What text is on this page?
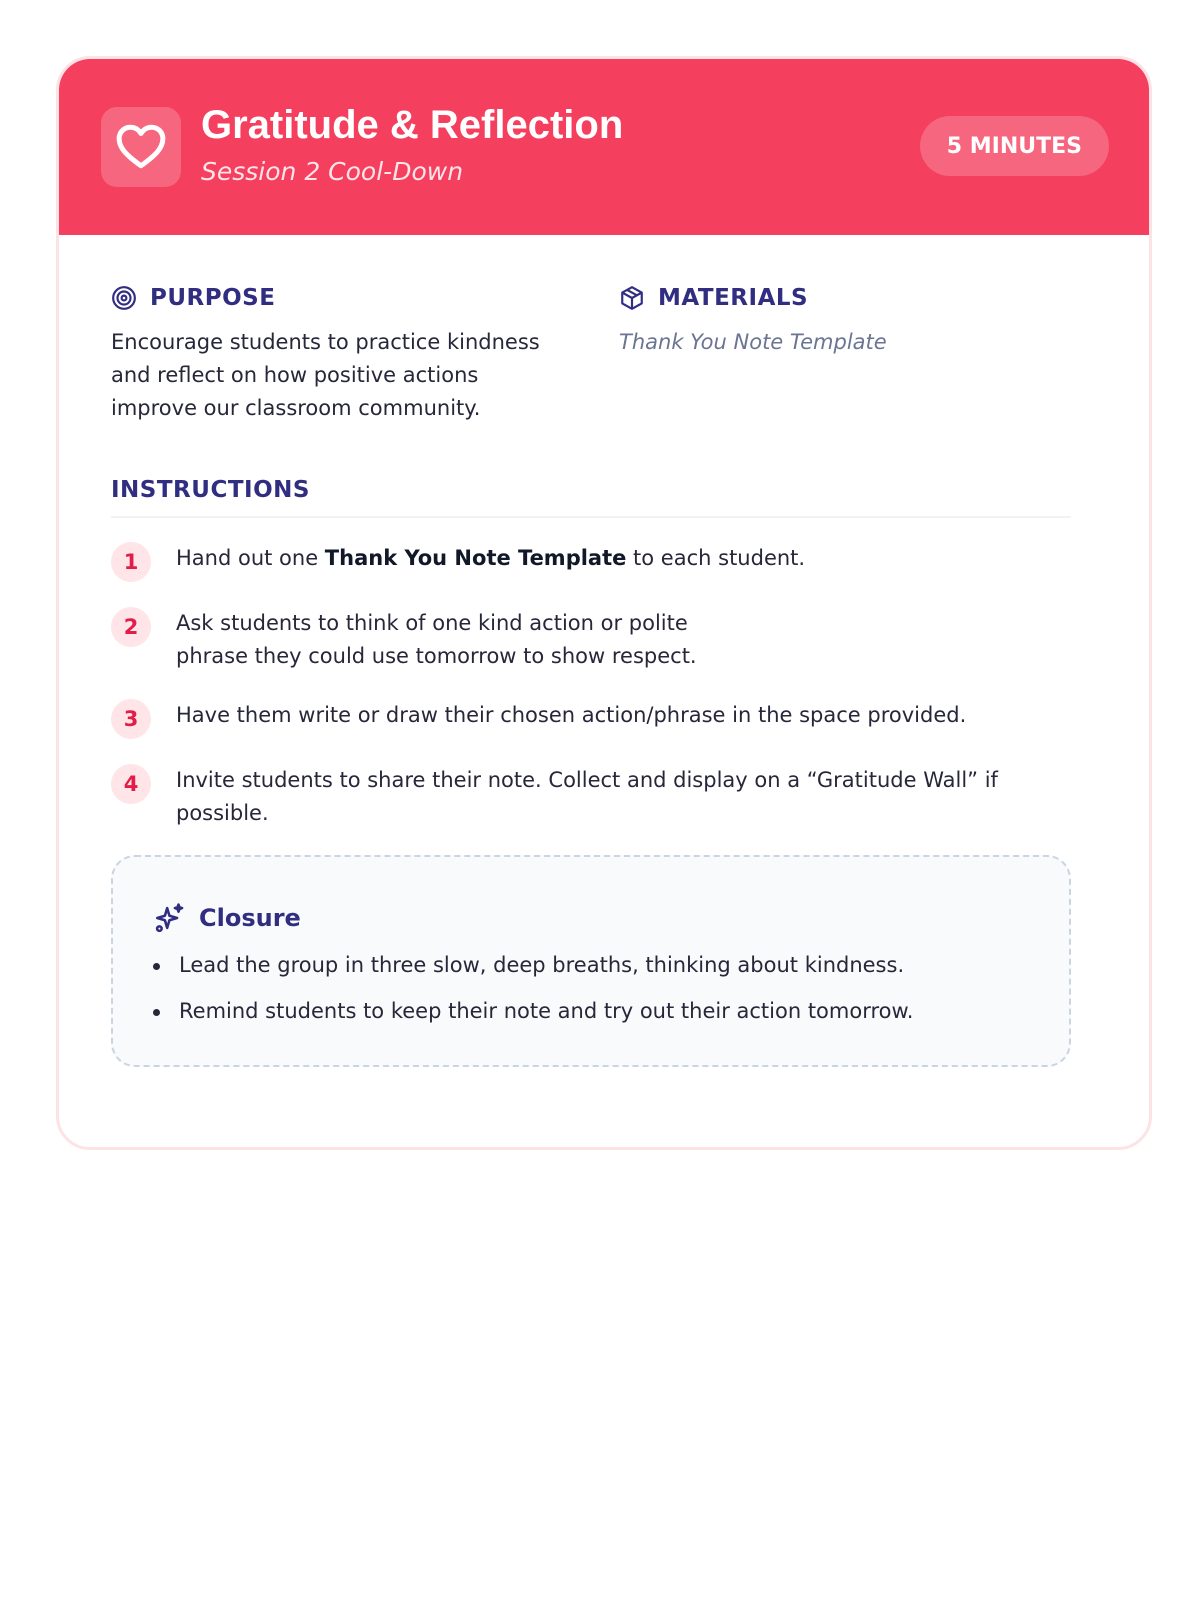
Gratitude & Reflection
Session 2 Cool-Down
5 MINUTES
PURPOSE
Encourage students to practice kindness and reflect on how positive actions improve our classroom community.
MATERIALS
Thank You Note Template
INSTRUCTIONS
1	Hand out one Thank You Note Template to each student.
2	Ask students to think of one kind action or polite
phrase they could use tomorrow to show respect.
3	Have them write or draw their chosen action/phrase in the space provided.
4	Invite students to share their note. Collect and display on a “Gratitude Wall” if possible.
Closure
Lead the group in three slow, deep breaths, thinking about kindness.
Remind students to keep their note and try out their action tomorrow.
